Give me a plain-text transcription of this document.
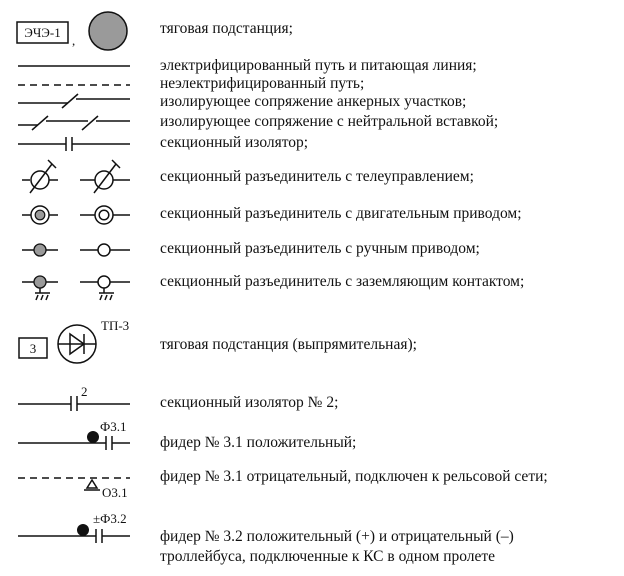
ЭЧЭ-1
,
3
ТП-3
2
Ф3.1
О3.1
±Ф3.2

тяговая подстанция;

электрифицированный путь и питающая линия;

неэлектрифицированный путь;

изолирующее сопряжение анкерных участков;

изолирующее сопряжение с нейтральной вставкой;

секционный изолятор;

секционный разъединитель с телеуправлением;

секционный разъединитель с двигательным приводом;

секционный разъединитель с ручным приводом;

секционный разъединитель с заземляющим контактом;

тяговая подстанция (выпрямительная);

секционный изолятор № 2;

фидер № 3.1 положительный;

фидер № 3.1 отрицательный, подключен к рельсовой сети;

фидер № 3.2 положительный (+) и отрицательный (–)

троллейбуса, подключенные к КС в одном пролете
